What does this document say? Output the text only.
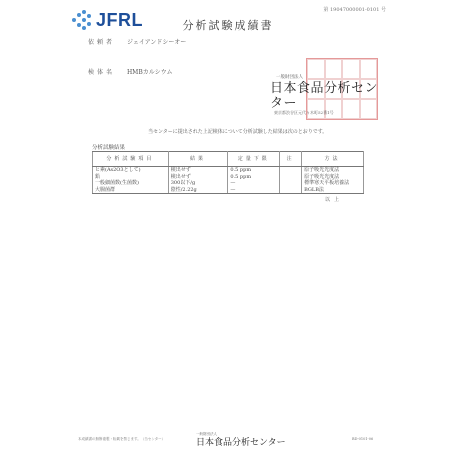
JFRL	第 19047000001-0101 号
分析試験成績書
依頼者 ジェイアンドシーオー
検体名 HMBカルシウム
一般財団法人
日本食品分析センター
東京都渋谷区元代々木町52番1号
当センターに提出された上記検体について分析試験した結果は次のとおりです。
分析試験結果
分析試験項目	結果	定量下限	注	方法
ヒ素(As2O3として)	検出せず	0.5 ppm		原子吸光光度法
鉛	検出せず	0.5 ppm		原子吸光光度法
一般細菌数(生菌数)	300以下/g	—		標準寒天平板培養法
大腸菌群	陰性/2.22g	—		BGLB法
以上
本成績書の無断複製・転載を禁じます。（当センター）
一般財団法人
日本食品分析センター	BD-0101-06
